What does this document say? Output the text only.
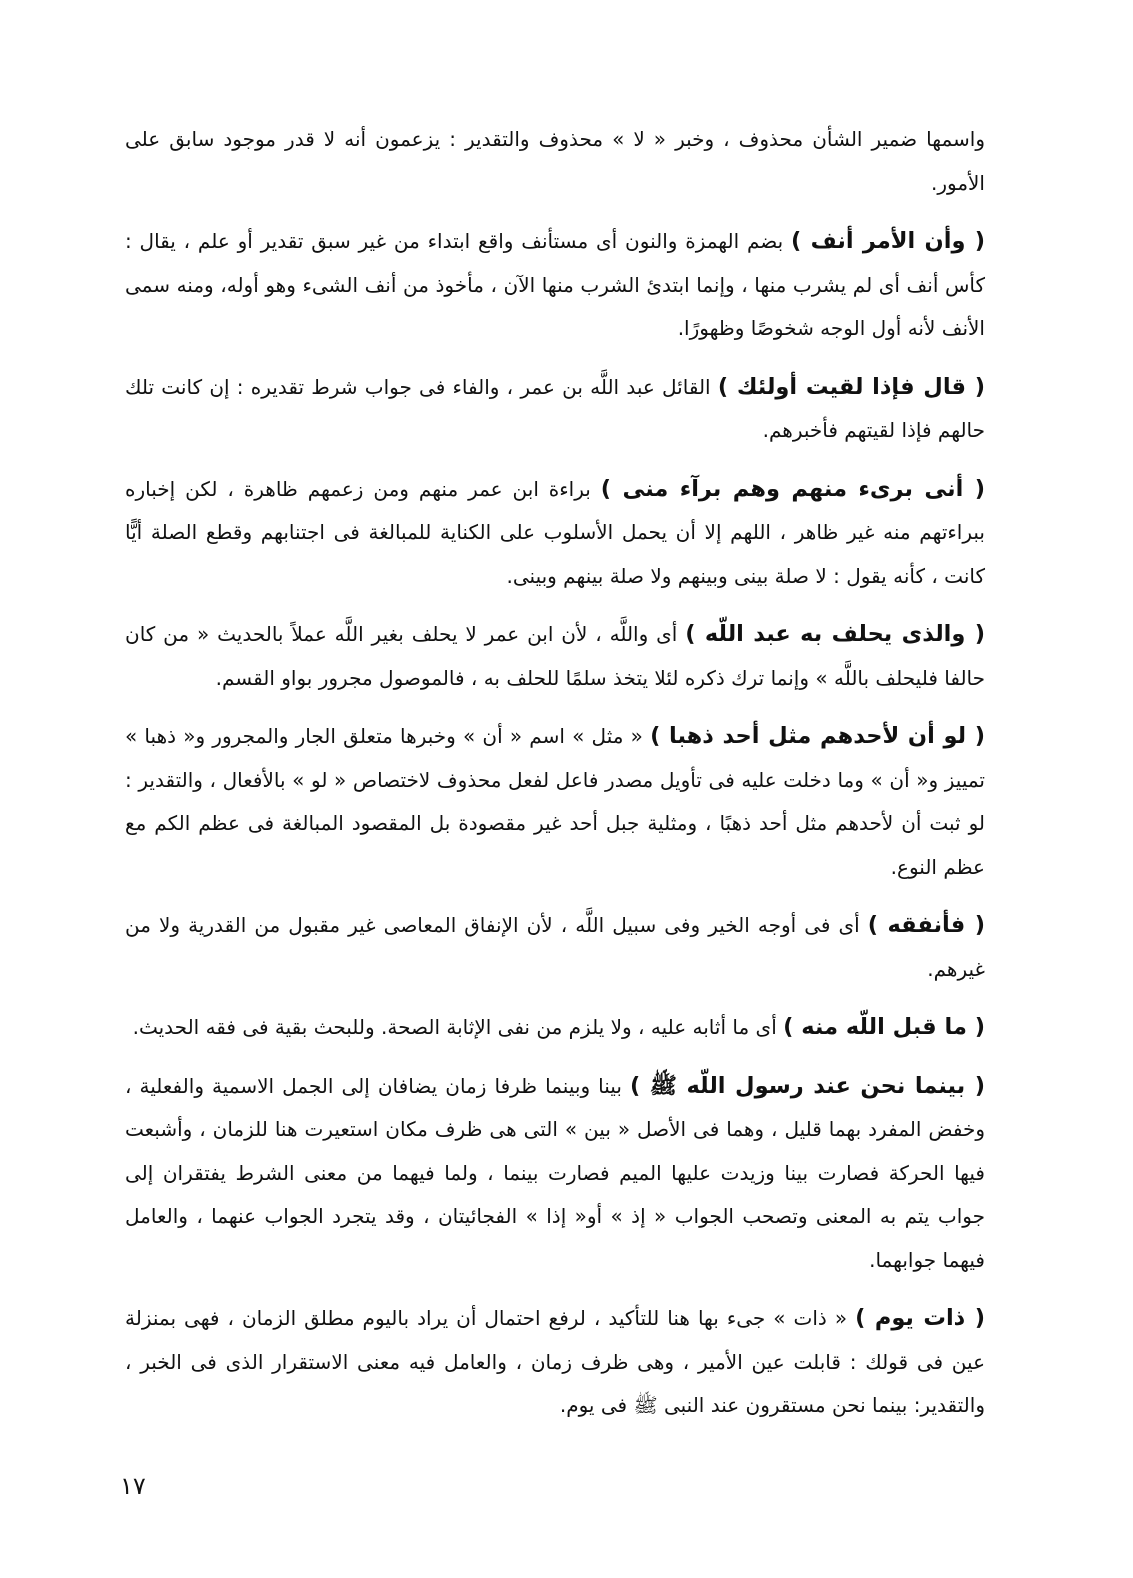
واسمها ضمير الشأن محذوف ، وخبر « لا » محذوف والتقدير : يزعمون أنه لا قدر موجود سابق على الأمور.

( وأن الأمر أنف ) بضم الهمزة والنون أى مستأنف واقع ابتداء من غير سبق تقدير أو علم ، يقال : كأس أنف أى لم يشرب منها ، وإنما ابتدئ الشرب منها الآن ، مأخوذ من أنف الشىء وهو أوله، ومنه سمى الأنف لأنه أول الوجه شخوصًا وظهورًا.

( قال فإذا لقيت أولئك ) القائل عبد اللَّه بن عمر ، والفاء فى جواب شرط تقديره : إن كانت تلك حالهم فإذا لقيتهم فأخبرهم.

( أنى برىء منهم وهم برآء منى ) براءة ابن عمر منهم ومن زعمهم ظاهرة ، لكن إخباره ببراءتهم منه غير ظاهر ، اللهم إلا أن يحمل الأسلوب على الكناية للمبالغة فى اجتنابهم وقطع الصلة أيًّا كانت ، كأنه يقول : لا صلة بينى وبينهم ولا صلة بينهم وبينى.

( والذى يحلف به عبد اللّه ) أى واللَّه ، لأن ابن عمر لا يحلف بغير اللَّه عملاً بالحديث « من كان حالفا فليحلف باللَّه » وإنما ترك ذكره لئلا يتخذ سلمًا للحلف به ، فالموصول مجرور بواو القسم.

( لو أن لأحدهم مثل أحد ذهبا ) « مثل » اسم « أن » وخبرها متعلق الجار والمجرور و« ذهبا » تمييز و« أن » وما دخلت عليه فى تأويل مصدر فاعل لفعل محذوف لاختصاص « لو » بالأفعال ، والتقدير : لو ثبت أن لأحدهم مثل أحد ذهبًا ، ومثلية جبل أحد غير مقصودة بل المقصود المبالغة فى عظم الكم مع عظم النوع.

( فأنفقه ) أى فى أوجه الخير وفى سبيل اللَّه ، لأن الإنفاق المعاصى غير مقبول من القدرية ولا من غيرهم.

( ما قبل اللّه منه ) أى ما أثابه عليه ، ولا يلزم من نفى الإثابة الصحة. وللبحث بقية فى فقه الحديث.

( بينما نحن عند رسول اللّه ﷺ ) بينا وبينما ظرفا زمان يضافان إلى الجمل الاسمية والفعلية ، وخفض المفرد بهما قليل ، وهما فى الأصل « بين » التى هى ظرف مكان استعيرت هنا للزمان ، وأشبعت فيها الحركة فصارت بينا وزيدت عليها الميم فصارت بينما ، ولما فيهما من معنى الشرط يفتقران إلى جواب يتم به المعنى وتصحب الجواب « إذ » أو« إذا » الفجائيتان ، وقد يتجرد الجواب عنهما ، والعامل فيهما جوابهما.

( ذات يوم ) « ذات » جىء بها هنا للتأكيد ، لرفع احتمال أن يراد باليوم مطلق الزمان ، فهى بمنزلة عين فى قولك : قابلت عين الأمير ، وهى ظرف زمان ، والعامل فيه معنى الاستقرار الذى فى الخبر ، والتقدير: بينما نحن مستقرون عند النبى ﷺ فى يوم.

١٧
